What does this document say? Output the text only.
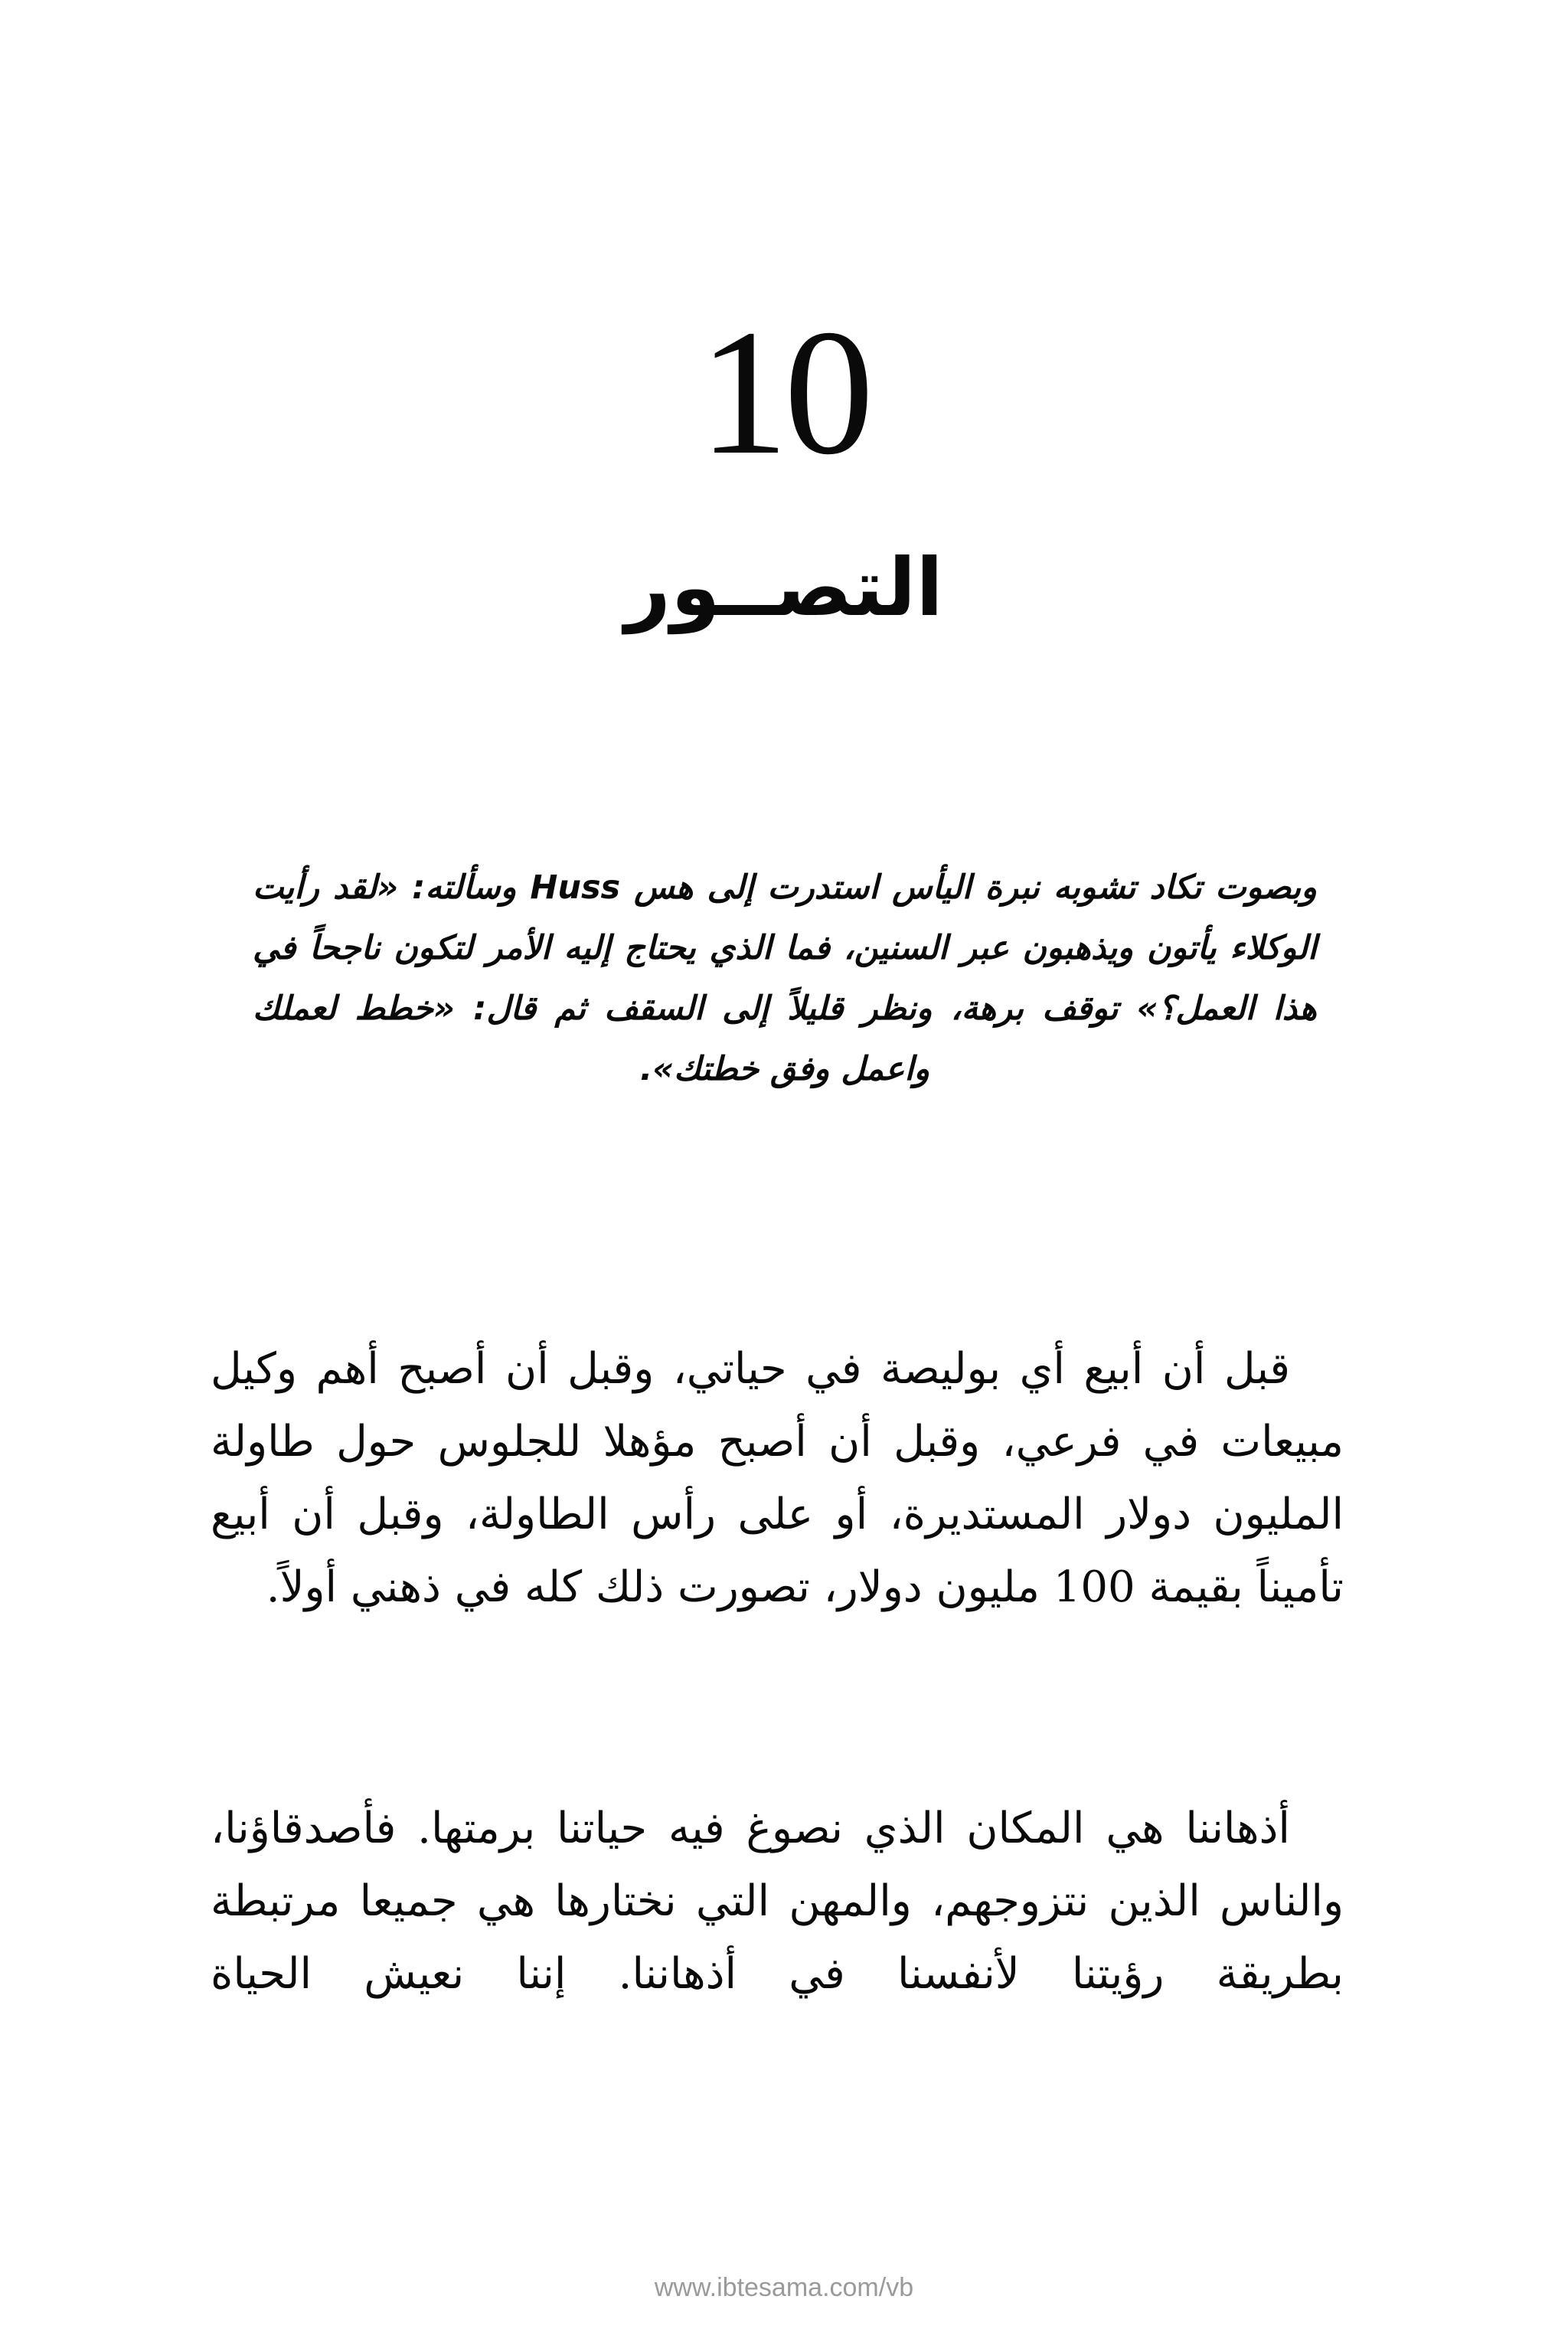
10
التصــور
وبصوت تكاد تشوبه نبرة اليأس استدرت إلى هس Huss وسألته: «لقد رأيت الوكلاء يأتون ويذهبون عبر السنين، فما الذي يحتاج إليه الأمر لتكون ناجحاً في هذا العمل؟» توقف برهة، ونظر قليلاً إلى السقف ثم قال: «خطط لعملك واعمل وفق خطتك».

قبل أن أبيع أي بوليصة في حياتي، وقبل أن أصبح أهم وكيل مبيعات في فرعي، وقبل أن أصبح مؤهلا للجلوس حول طاولة المليون دولار المستديرة، أو على رأس الطاولة، وقبل أن أبيع تأميناً بقيمة 100 مليون دولار، تصورت ذلك كله في ذهني أولاً.

أذهاننا هي المكان الذي نصوغ فيه حياتنا برمتها. فأصدقاؤنا، والناس الذين نتزوجهم، والمهن التي نختارها هي جميعا مرتبطة بطريقة رؤيتنا لأنفسنا في أذهاننا. إننا نعيش الحياة

www.ibtesama.com/vb
